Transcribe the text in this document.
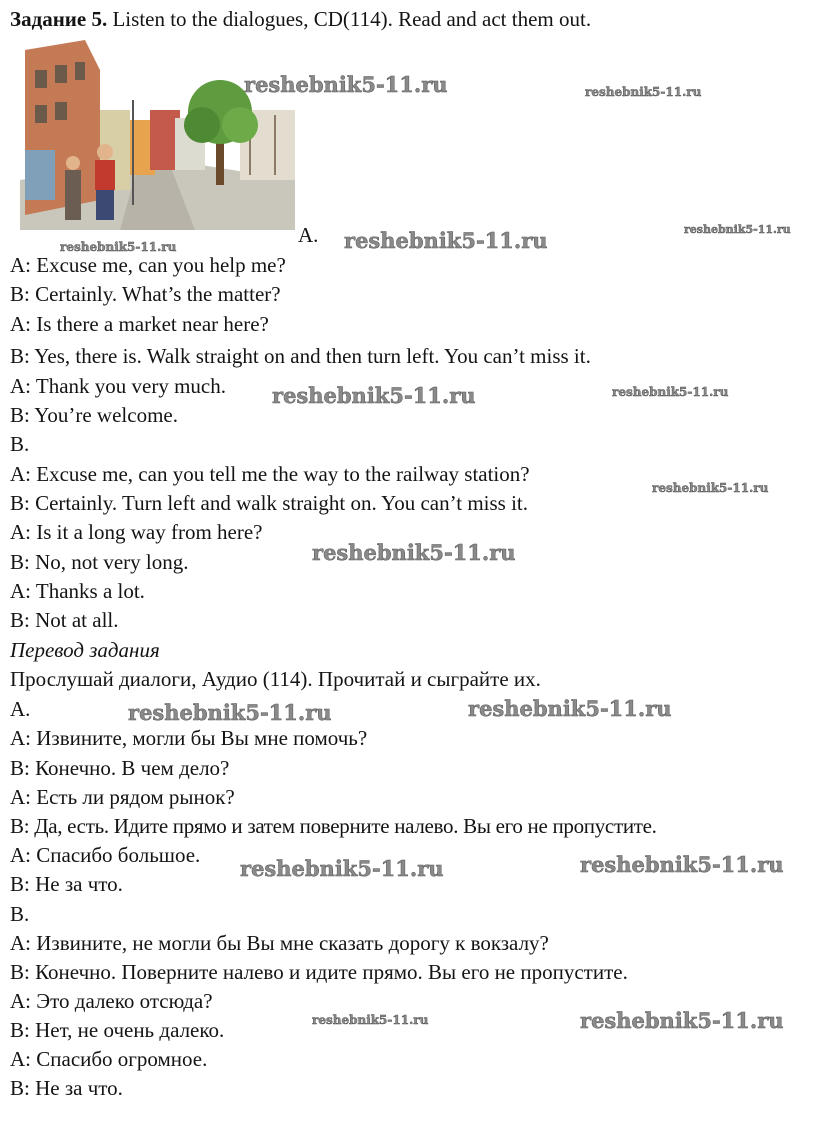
Задание 5. Listen to the dialogues, CD(114). Read and act them out.
A.
A: Excuse me, can you help me?
B: Certainly. What’s the matter?
A: Is there a market near here?
B: Yes, there is. Walk straight on and then turn left. You can’t miss it.
A: Thank you very much.
B: You’re welcome.
B.
A: Excuse me, can you tell me the way to the railway station?
B: Certainly. Turn left and walk straight on. You can’t miss it.
A: Is it a long way from here?
B: No, not very long.
A: Thanks a lot.
B: Not at all.
Перевод задания
Прослушай диалоги, Аудио (114). Прочитай и сыграйте их.
A.
A: Извините, могли бы Вы мне помочь?
B: Конечно. В чем дело?
A: Есть ли рядом рынок?
B: Да, есть. Идите прямо и затем поверните налево. Вы его не пропустите.
A: Спасибо большое.
B: Не за что.
B.
A: Извините, не могли бы Вы мне сказать дорогу к вокзалу?
B: Конечно. Поверните налево и идите прямо. Вы его не пропустите.
A: Это далеко отсюда?
B: Нет, не очень далеко.
A: Спасибо огромное.
B: Не за что.
reshebnik5-11.ru	reshebnik5-11.ru
reshebnik5-11.ru	reshebnik5-11.ru	reshebnik5-11.ru
reshebnik5-11.ru	reshebnik5-11.ru
reshebnik5-11.ru
reshebnik5-11.ru
reshebnik5-11.ru	reshebnik5-11.ru
reshebnik5-11.ru	reshebnik5-11.ru
reshebnik5-11.ru	reshebnik5-11.ru
